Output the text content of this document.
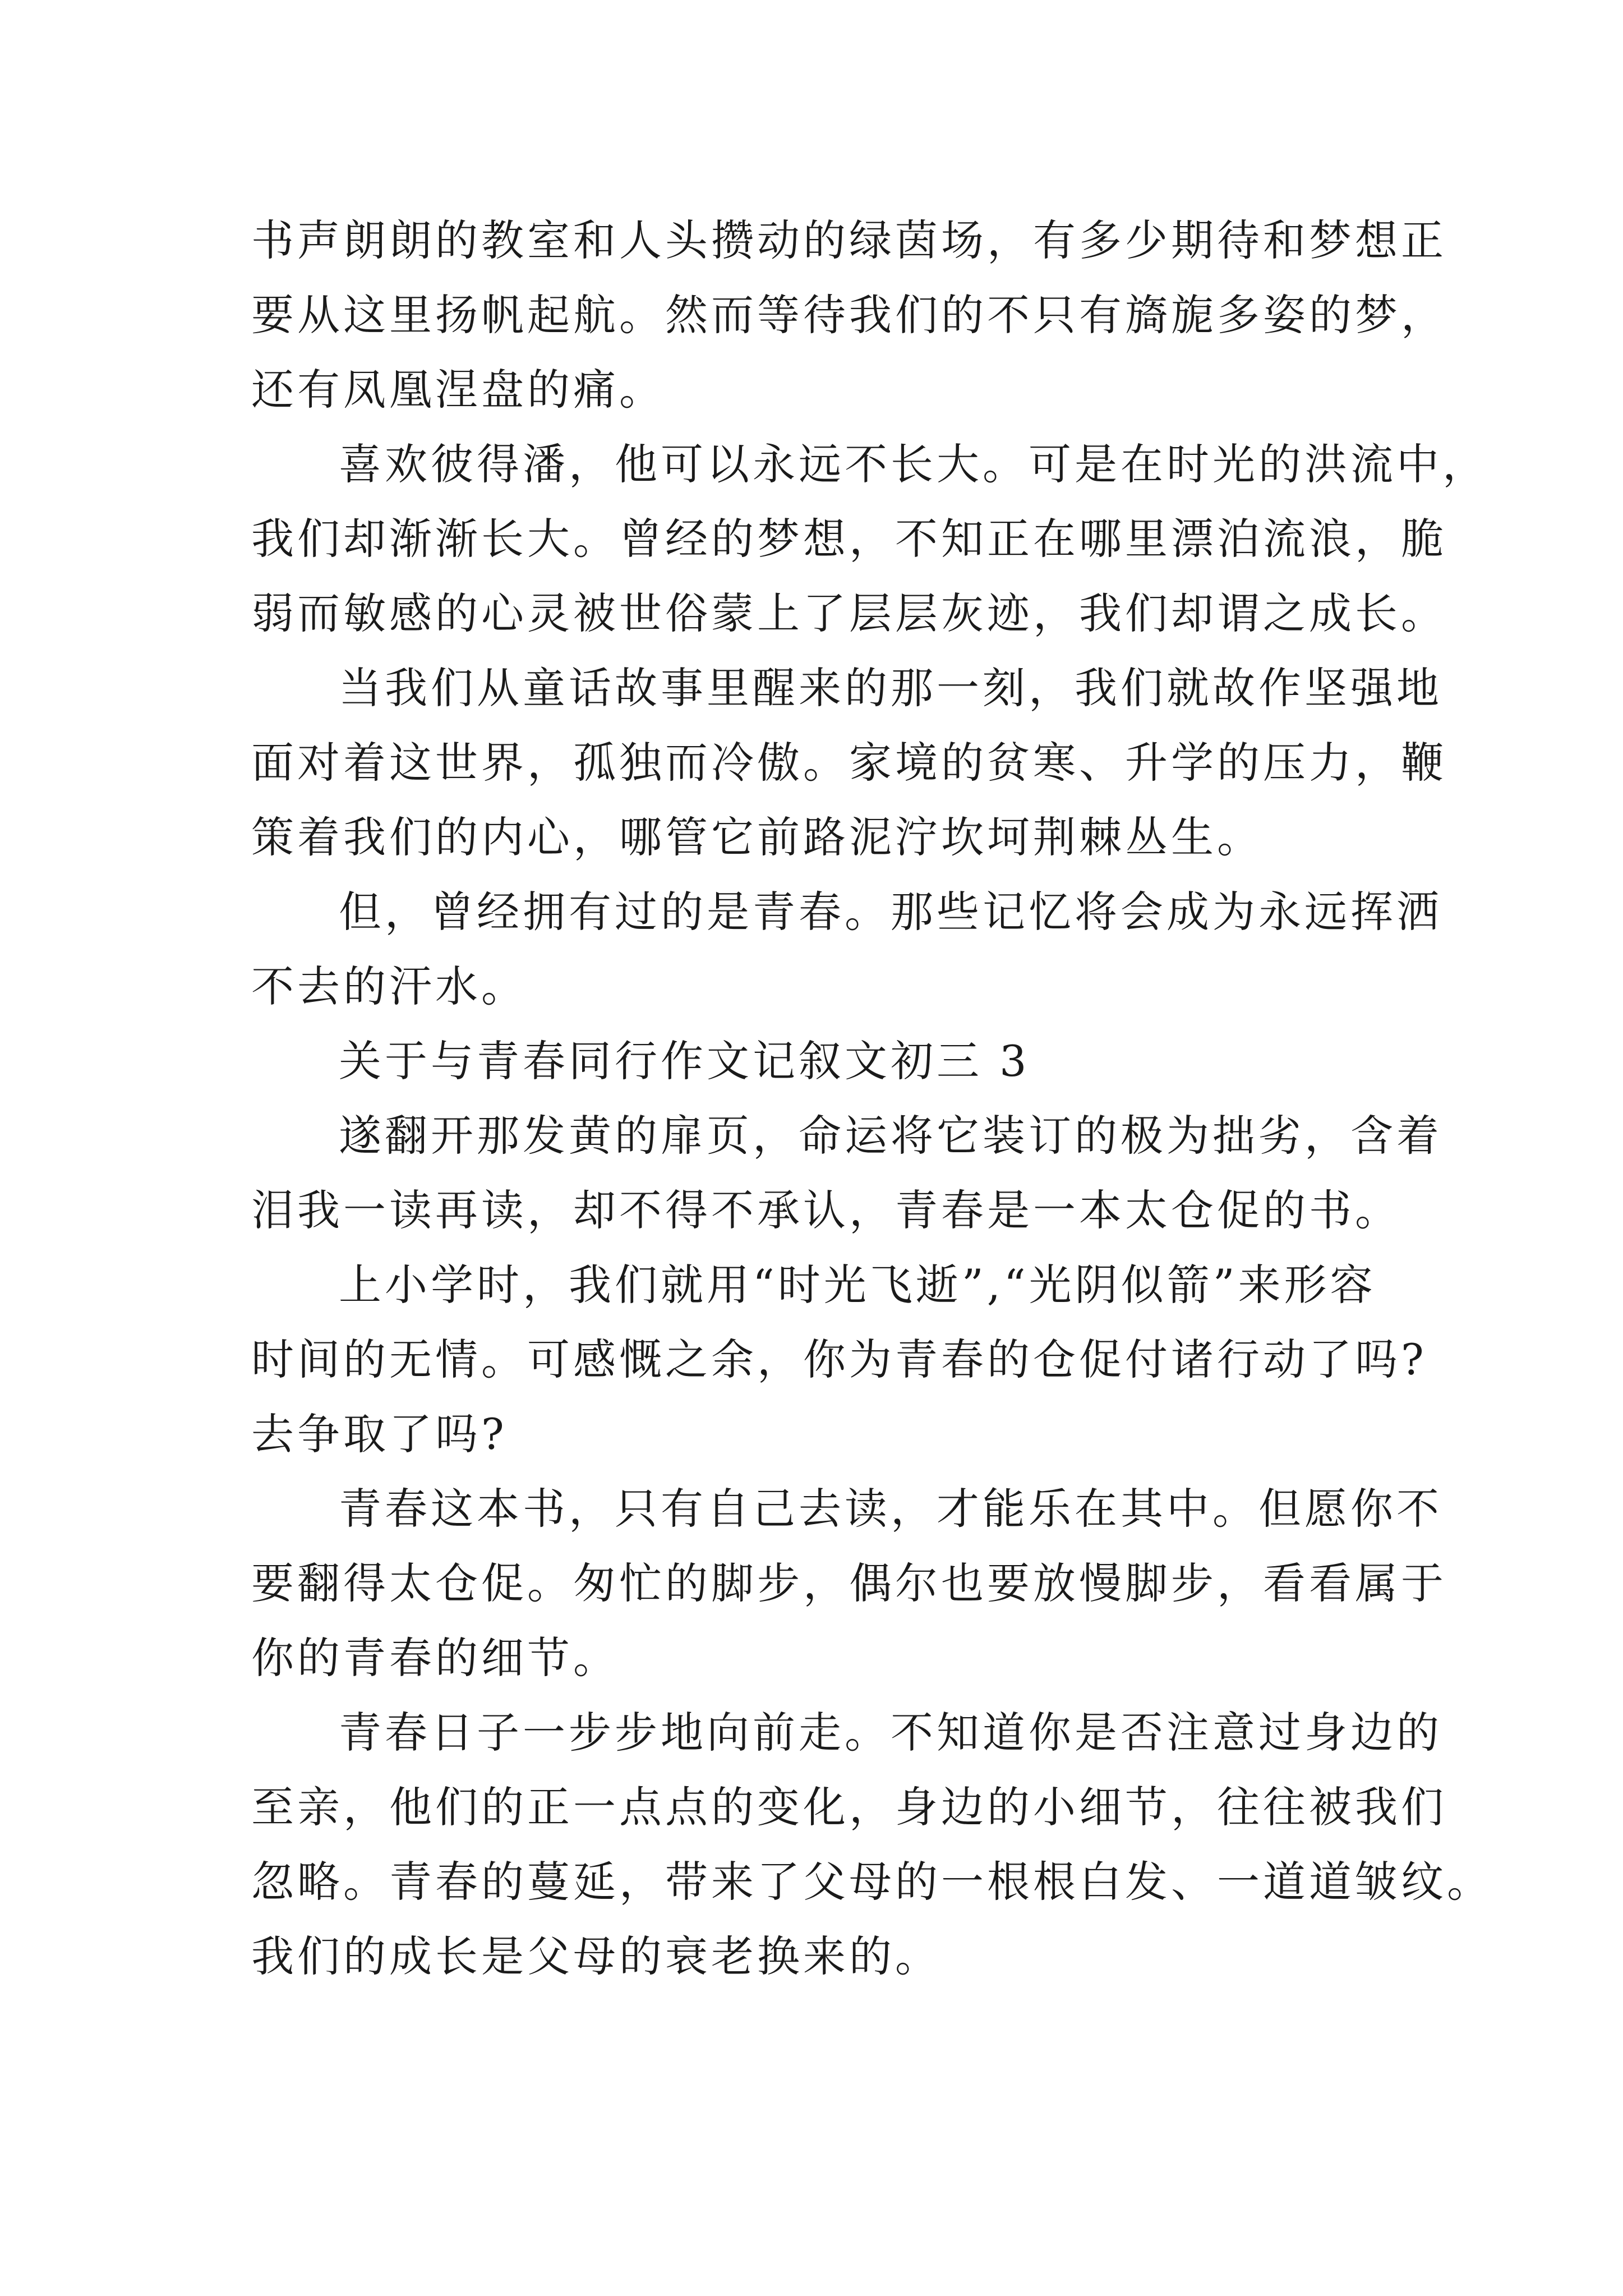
书声朗朗的教室和人头攒动的绿茵场，有多少期待和梦想正
要从这里扬帆起航。然而等待我们的不只有旖旎多姿的梦，
还有凤凰涅盘的痛。
喜欢彼得潘，他可以永远不长大。可是在时光的洪流中，
我们却渐渐长大。曾经的梦想，不知正在哪里漂泊流浪，脆
弱而敏感的心灵被世俗蒙上了层层灰迹，我们却谓之成长。
当我们从童话故事里醒来的那一刻，我们就故作坚强地
面对着这世界，孤独而冷傲。家境的贫寒、升学的压力，鞭
策着我们的内心，哪管它前路泥泞坎坷荆棘丛生。
但，曾经拥有过的是青春。那些记忆将会成为永远挥洒
不去的汗水。
关于与青春同行作文记叙文初三 3
遂翻开那发黄的扉页，命运将它装订的极为拙劣，含着
泪我一读再读，却不得不承认，青春是一本太仓促的书。
上小学时，我们就用“时光飞逝”,“光阴似箭”来形容
时间的无情。可感慨之余，你为青春的仓促付诸行动了吗?
去争取了吗?
青春这本书，只有自己去读，才能乐在其中。但愿你不
要翻得太仓促。匆忙的脚步，偶尔也要放慢脚步，看看属于
你的青春的细节。
青春日子一步步地向前走。不知道你是否注意过身边的
至亲，他们的正一点点的变化，身边的小细节，往往被我们
忽略。青春的蔓延，带来了父母的一根根白发、一道道皱纹。
我们的成长是父母的衰老换来的。
